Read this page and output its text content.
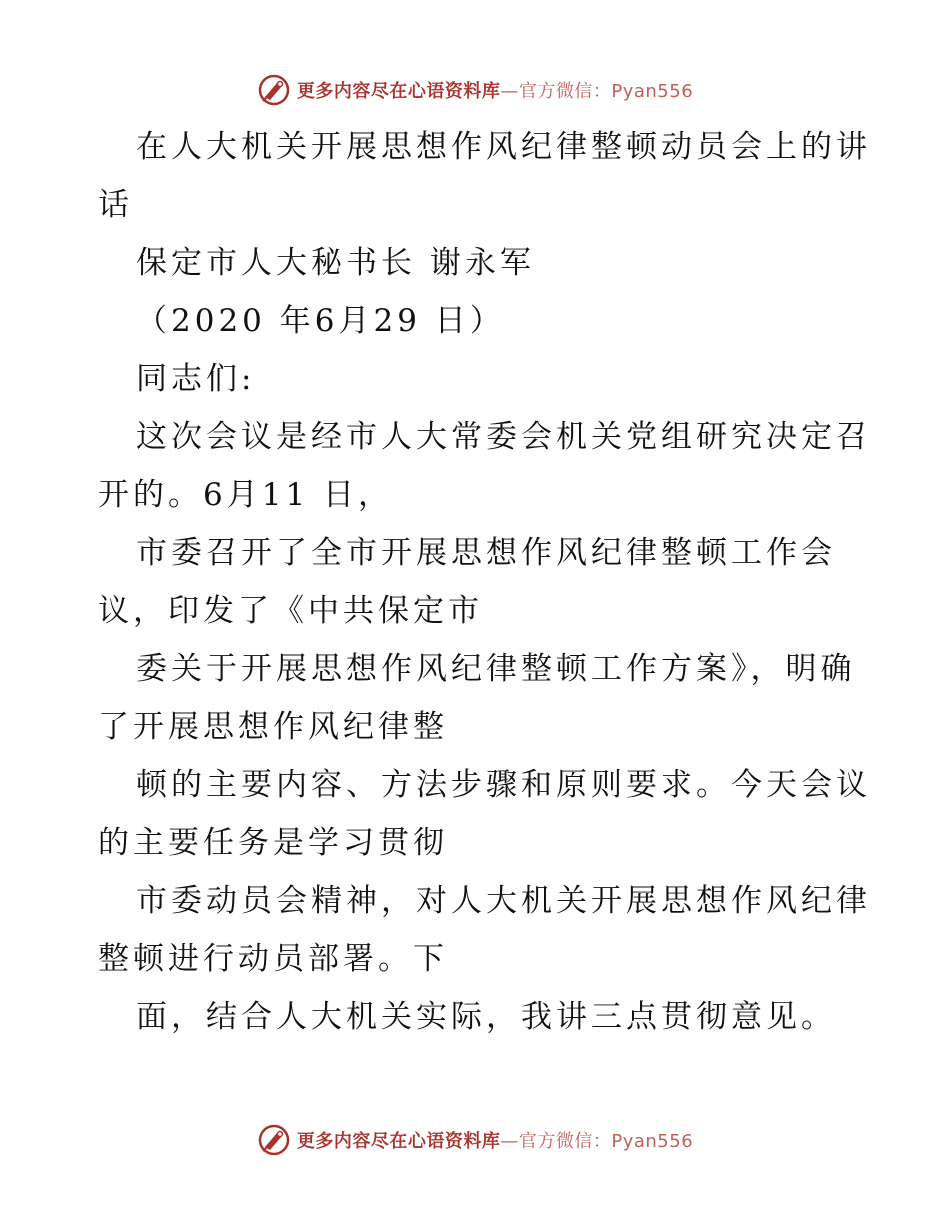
更多内容尽在心语资料库—官方微信：Pyan556
在人大机关开展思想作风纪律整顿动员会上的讲
话
保定市人大秘书长 谢永军
（2020 年6月29 日）
同志们:
这次会议是经市人大常委会机关党组研究决定召
开的。6月11 日，
市委召开了全市开展思想作风纪律整顿工作会
议，印发了《中共保定市
委关于开展思想作风纪律整顿工作方案》，明确
了开展思想作风纪律整
顿的主要内容、方法步骤和原则要求。今天会议
的主要任务是学习贯彻
市委动员会精神，对人大机关开展思想作风纪律
整顿进行动员部署。下
面，结合人大机关实际，我讲三点贯彻意见。
更多内容尽在心语资料库—官方微信：Pyan556
